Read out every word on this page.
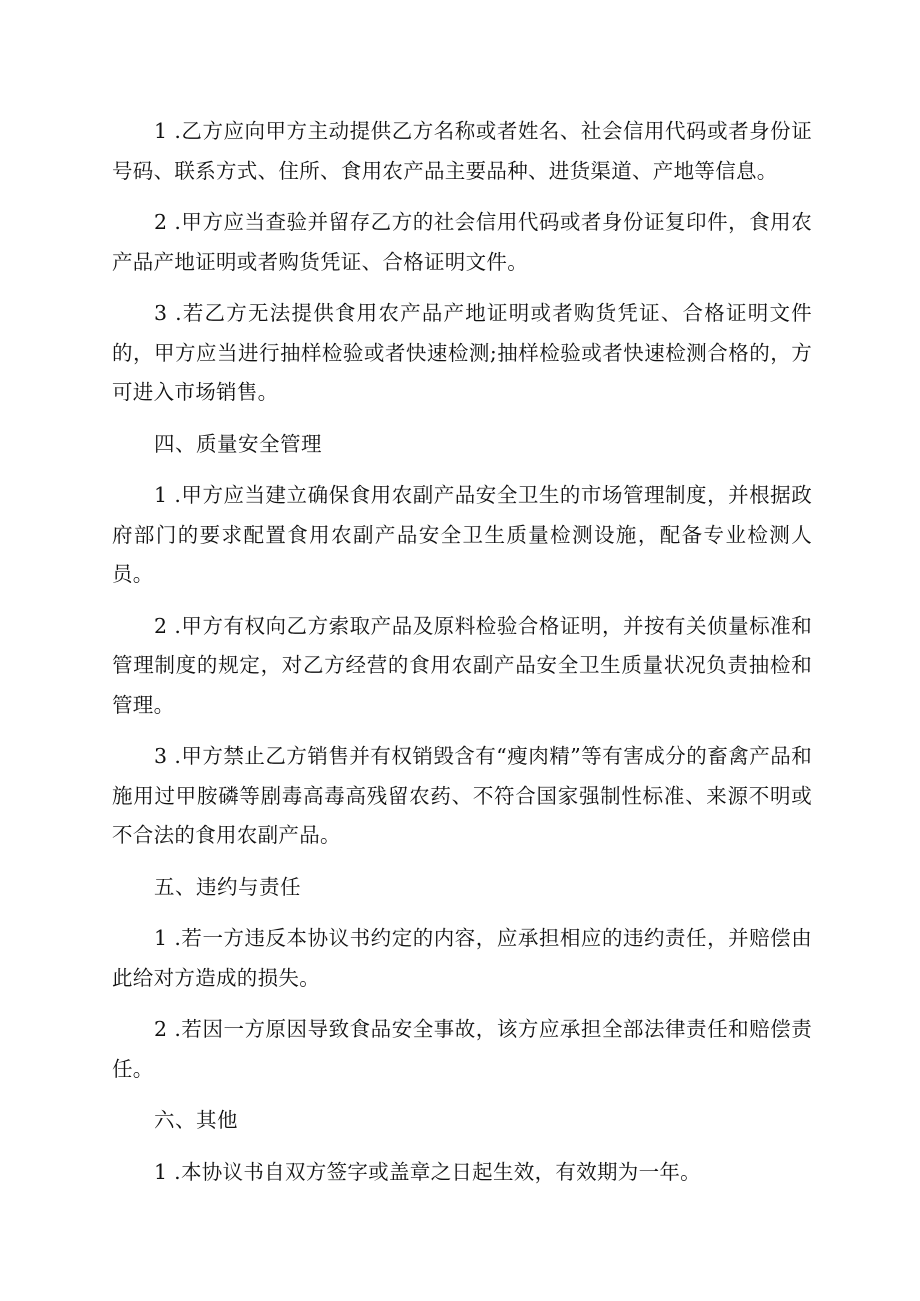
1 .乙方应向甲方主动提供乙方名称或者姓名、社会信用代码或者身份证号码、联系方式、住所、食用农产品主要品种、进货渠道、产地等信息。

2 .甲方应当查验并留存乙方的社会信用代码或者身份证复印件，食用农产品产地证明或者购货凭证、合格证明文件。

3 .若乙方无法提供食用农产品产地证明或者购货凭证、合格证明文件的，甲方应当进行抽样检验或者快速检测;抽样检验或者快速检测合格的，方可进入市场销售。

四、质量安全管理

1 .甲方应当建立确保食用农副产品安全卫生的市场管理制度，并根据政府部门的要求配置食用农副产品安全卫生质量检测设施，配备专业检测人员。

2 .甲方有权向乙方索取产品及原料检验合格证明，并按有关侦量标准和管理制度的规定，对乙方经营的食用农副产品安全卫生质量状况负责抽检和管理。

3 .甲方禁止乙方销售并有权销毁含有“瘦肉精”等有害成分的畜禽产品和施用过甲胺磷等剧毒高毒高残留农药、不符合国家强制性标准、来源不明或不合法的食用农副产品。

五、违约与责任

1 .若一方违反本协议书约定的内容，应承担相应的违约责任，并赔偿由此给对方造成的损失。

2 .若因一方原因导致食品安全事故，该方应承担全部法律责任和赔偿责任。

六、其他

1 .本协议书自双方签字或盖章之日起生效，有效期为一年。
